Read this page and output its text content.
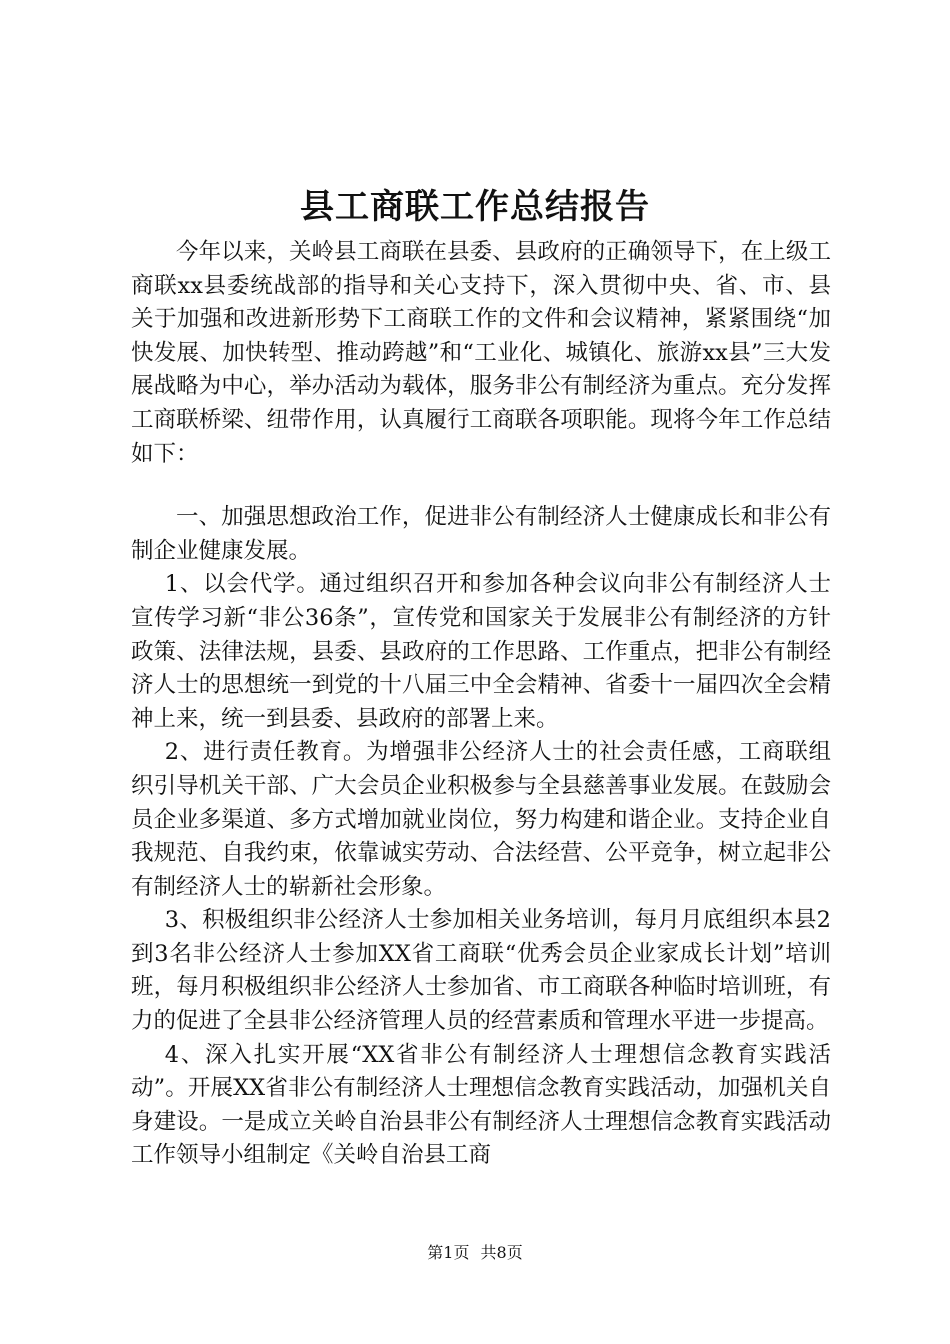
县工商联工作总结报告

今年以来，关岭县工商联在县委、县政府的正确领导下，在上级工商联xx县委统战部的指导和关心支持下，深入贯彻中央、省、市、县关于加强和改进新形势下工商联工作的文件和会议精神，紧紧围绕“加快发展、加快转型、推动跨越”和“工业化、城镇化、旅游xx县”三大发展战略为中心，举办活动为载体，服务非公有制经济为重点。充分发挥工商联桥梁、纽带作用，认真履行工商联各项职能。现将今年工作总结如下：

一、加强思想政治工作，促进非公有制经济人士健康成长和非公有制企业健康发展。

1、以会代学。通过组织召开和参加各种会议向非公有制经济人士宣传学习新“非公36条”，宣传党和国家关于发展非公有制经济的方针政策、法律法规，县委、县政府的工作思路、工作重点，把非公有制经济人士的思想统一到党的十八届三中全会精神、省委十一届四次全会精神上来，统一到县委、县政府的部署上来。

2、进行责任教育。为增强非公经济人士的社会责任感，工商联组织引导机关干部、广大会员企业积极参与全县慈善事业发展。在鼓励会员企业多渠道、多方式增加就业岗位，努力构建和谐企业。支持企业自我规范、自我约束，依靠诚实劳动、合法经营、公平竞争，树立起非公有制经济人士的崭新社会形象。

3、积极组织非公经济人士参加相关业务培训，每月月底组织本县2到3名非公经济人士参加XX省工商联“优秀会员企业家成长计划”培训班，每月积极组织非公经济人士参加省、市工商联各种临时培训班，有力的促进了全县非公经济管理人员的经营素质和管理水平进一步提高。

4、深入扎实开展“XX省非公有制经济人士理想信念教育实践活动”。开展XX省非公有制经济人士理想信念教育实践活动，加强机关自身建设。一是成立关岭自治县非公有制经济人士理想信念教育实践活动工作领导小组制定《关岭自治县工商

第1页 共8页
